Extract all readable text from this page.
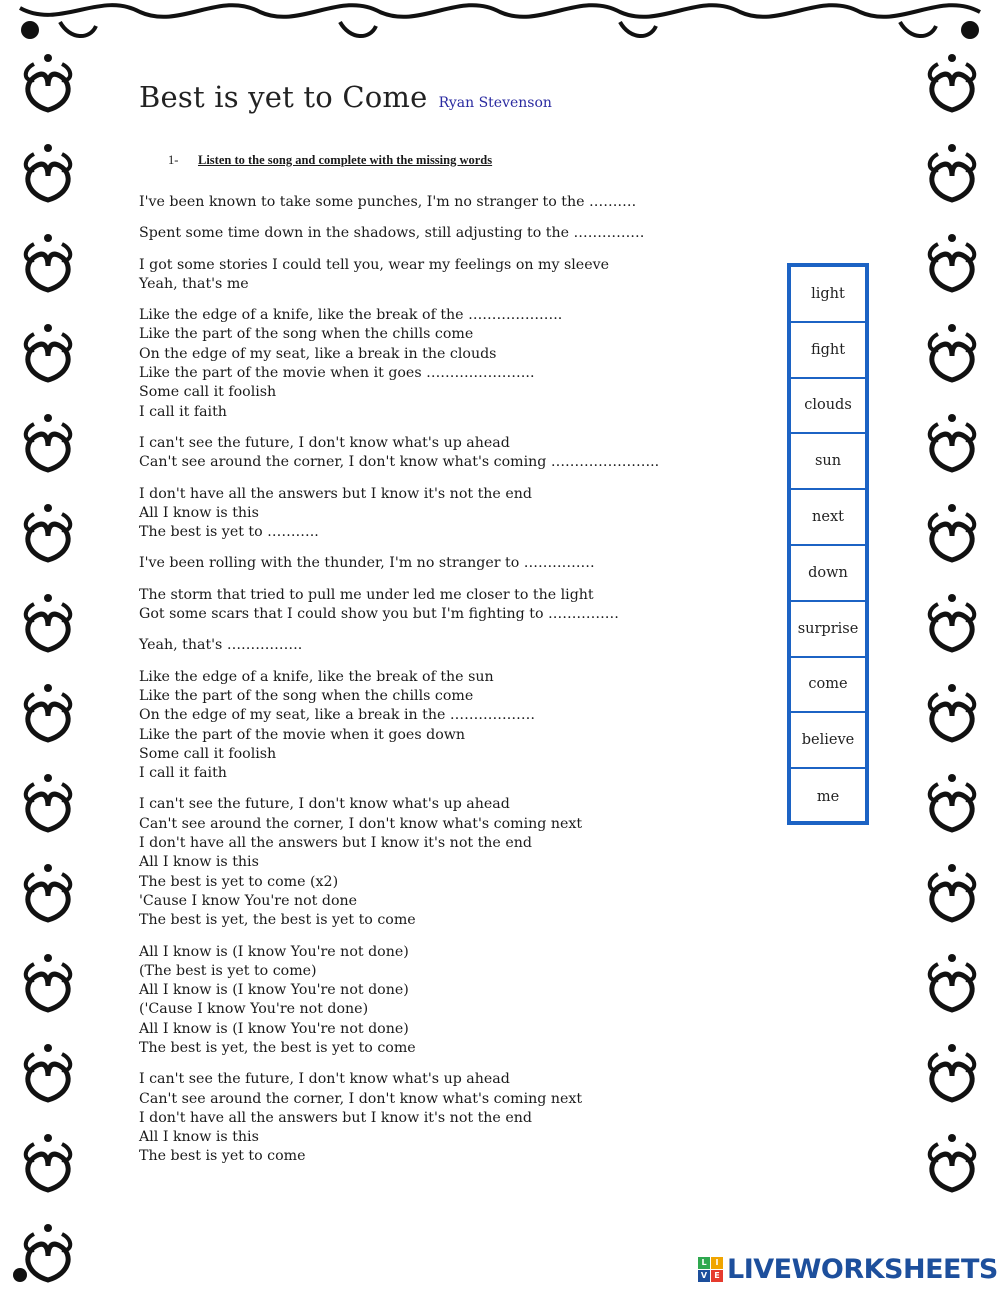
Best is yet to Come Ryan Stevenson
1- Listen to the song and complete with the missing words
I've been known to take some punches, I'm no stranger to the ……….
Spent some time down in the shadows, still adjusting to the ……………
I got some stories I could tell you, wear my feelings on my sleeve
Yeah, that's me
Like the edge of a knife, like the break of the ………………..
Like the part of the song when the chills come
On the edge of my seat, like a break in the clouds
Like the part of the movie when it goes …………………..
Some call it foolish
I call it faith
I can't see the future, I don't know what's up ahead
Can't see around the corner, I don't know what's coming …………………..
I don't have all the answers but I know it's not the end
All I know is this
The best is yet to ………..
I've been rolling with the thunder, I'm no stranger to ……………
The storm that tried to pull me under led me closer to the light
Got some scars that I could show you but I'm fighting to ……………
Yeah, that's …………….
Like the edge of a knife, like the break of the sun
Like the part of the song when the chills come
On the edge of my seat, like a break in the ………………
Like the part of the movie when it goes down
Some call it foolish
I call it faith
I can't see the future, I don't know what's up ahead
Can't see around the corner, I don't know what's coming next
I don't have all the answers but I know it's not the end
All I know is this
The best is yet to come (x2)
'Cause I know You're not done
The best is yet, the best is yet to come
All I know is (I know You're not done)
(The best is yet to come)
All I know is (I know You're not done)
('Cause I know You're not done)
All I know is (I know You're not done)
The best is yet, the best is yet to come
I can't see the future, I don't know what's up ahead
Can't see around the corner, I don't know what's coming next
I don't have all the answers but I know it's not the end
All I know is this
The best is yet to come
light
fight
clouds
sun
next
down
surprise
come
believe
me
L	I
V E LIVEWORKSHEETS
